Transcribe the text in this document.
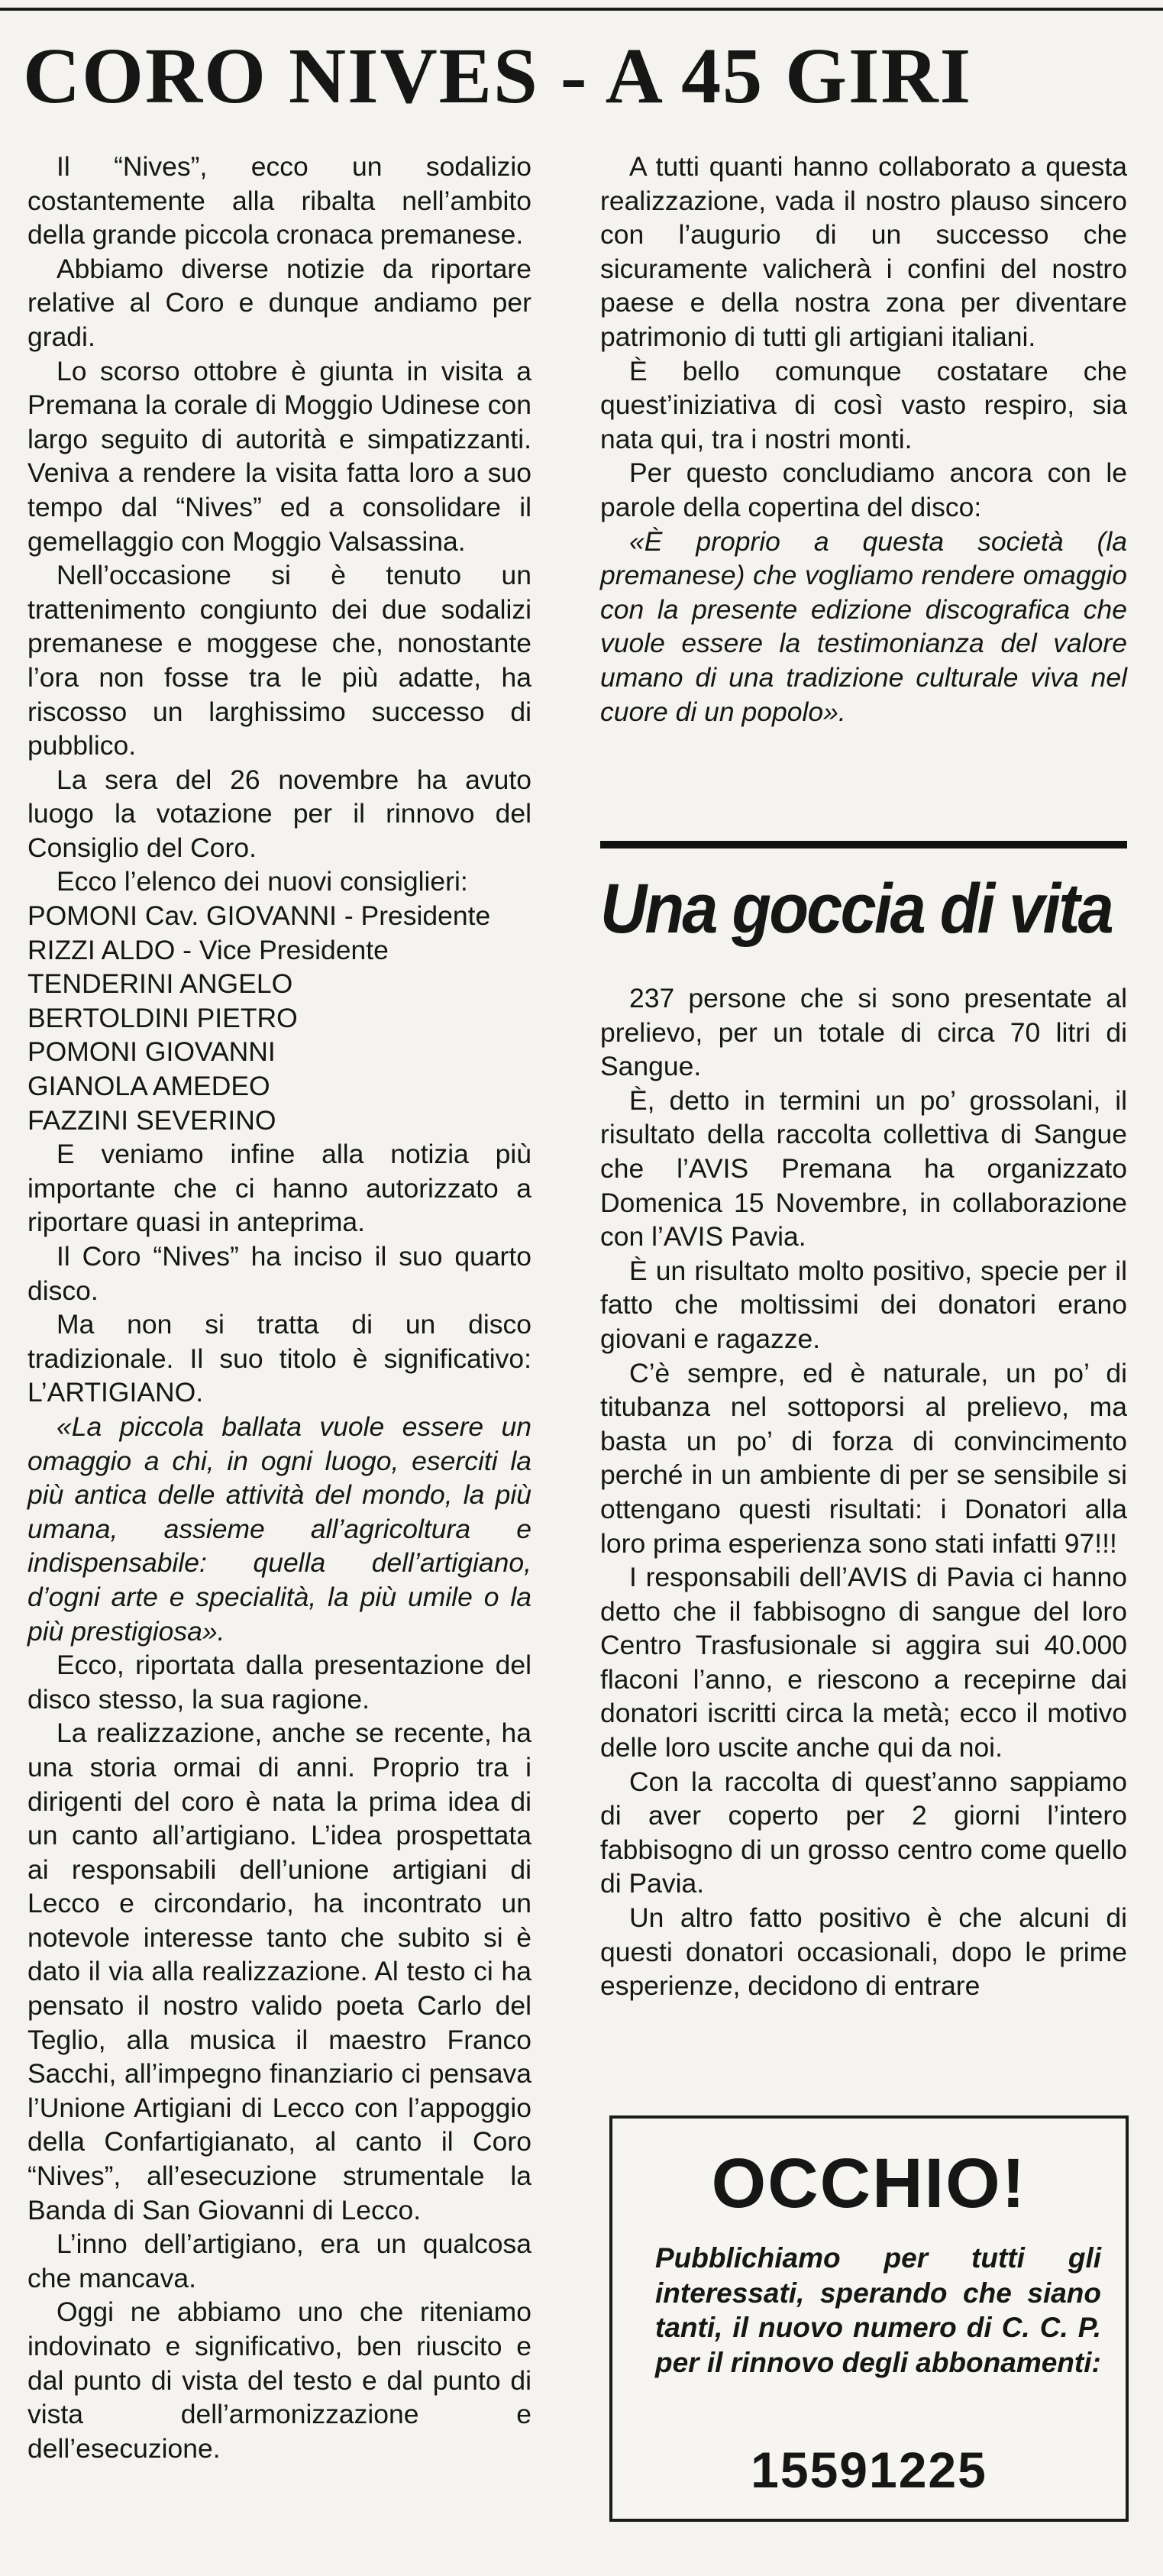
CORO NIVES - A 45 GIRI

Il “Nives”, ecco un sodalizio costantemente alla ribalta nell’ambito della grande piccola cronaca premanese.

Abbiamo diverse notizie da riportare relative al Coro e dunque andiamo per gradi.

Lo scorso ottobre è giunta in visita a Premana la corale di Moggio Udinese con largo seguito di autorità e simpatizzanti. Veniva a rendere la visita fatta loro a suo tempo dal “Nives” ed a consolidare il gemellaggio con Moggio Valsassina.

Nell’occasione si è tenuto un trattenimento congiunto dei due sodalizi premanese e moggese che, nonostante l’ora non fosse tra le più adatte, ha riscosso un larghissimo successo di pubblico.

La sera del 26 novembre ha avuto luogo la votazione per il rinnovo del Consiglio del Coro.

Ecco l’elenco dei nuovi consiglieri:

POMONI Cav. GIOVANNI - Presidente
RIZZI ALDO - Vice Presidente
TENDERINI ANGELO
BERTOLDINI PIETRO
POMONI GIOVANNI
GIANOLA AMEDEO
FAZZINI SEVERINO

E veniamo infine alla notizia più importante che ci hanno autorizzato a riportare quasi in anteprima.

Il Coro “Nives” ha inciso il suo quarto disco.

Ma non si tratta di un disco tradizionale. Il suo titolo è significativo: L’ARTIGIANO.

«La piccola ballata vuole essere un omaggio a chi, in ogni luogo, eserciti la più antica delle attività del mondo, la più umana, assieme all’agricoltura e indispensabile: quella dell’artigiano, d’ogni arte e specialità, la più umile o la più prestigiosa».

Ecco, riportata dalla presentazione del disco stesso, la sua ragione.

La realizzazione, anche se recente, ha una storia ormai di anni. Proprio tra i dirigenti del coro è nata la prima idea di un canto all’artigiano. L’idea prospettata ai responsabili dell’unione artigiani di Lecco e circondario, ha incontrato un notevole interesse tanto che subito si è dato il via alla realizzazione. Al testo ci ha pensato il nostro valido poeta Carlo del Teglio, alla musica il maestro Franco Sacchi, all’impegno finanziario ci pensava l’Unione Artigiani di Lecco con l’appoggio della Confartigianato, al canto il Coro “Nives”, all’esecuzione strumentale la Banda di San Giovanni di Lecco.

L’inno dell’artigiano, era un qualcosa che mancava.

Oggi ne abbiamo uno che riteniamo indovinato e significativo, ben riuscito e dal punto di vista del testo e dal punto di vista dell’armonizzazione e dell’esecuzione.

A tutti quanti hanno collaborato a questa realizzazione, vada il nostro plauso sincero con l’augurio di un successo che sicuramente valicherà i confini del nostro paese e della nostra zona per diventare patrimonio di tutti gli artigiani italiani.

È bello comunque costatare che quest’iniziativa di così vasto respiro, sia nata qui, tra i nostri monti.

Per questo concludiamo ancora con le parole della copertina del disco:

«È proprio a questa società (la premanese) che vogliamo rendere omaggio con la presente edizione discografica che vuole essere la testimonianza del valore umano di una tradizione culturale viva nel cuore di un popolo».

Una goccia di vita

237 persone che si sono presentate al prelievo, per un totale di circa 70 litri di Sangue.

È, detto in termini un po’ grossolani, il risultato della raccolta collettiva di Sangue che l’AVIS Premana ha organizzato Domenica 15 Novembre, in collaborazione con l’AVIS Pavia.

È un risultato molto positivo, specie per il fatto che moltissimi dei donatori erano giovani e ragazze.

C’è sempre, ed è naturale, un po’ di titubanza nel sottoporsi al prelievo, ma basta un po’ di forza di convincimento perché in un ambiente di per se sensibile si ottengano questi risultati: i Donatori alla loro prima esperienza sono stati infatti 97!!!

I responsabili dell’AVIS di Pavia ci hanno detto che il fabbisogno di sangue del loro Centro Trasfusionale si aggira sui 40.000 flaconi l’anno, e riescono a recepirne dai donatori iscritti circa la metà; ecco il motivo delle loro uscite anche qui da noi.

Con la raccolta di quest’anno sappiamo di aver coperto per 2 giorni l’intero fabbisogno di un grosso centro come quello di Pavia.

Un altro fatto positivo è che alcuni di questi donatori occasionali, dopo le prime esperienze, decidono di entrare

OCCHIO!
Pubblichiamo per tutti gli interessati, sperando che siano tanti, il nuovo numero di C. C. P. per il rinnovo degli abbonamenti:
15591225
